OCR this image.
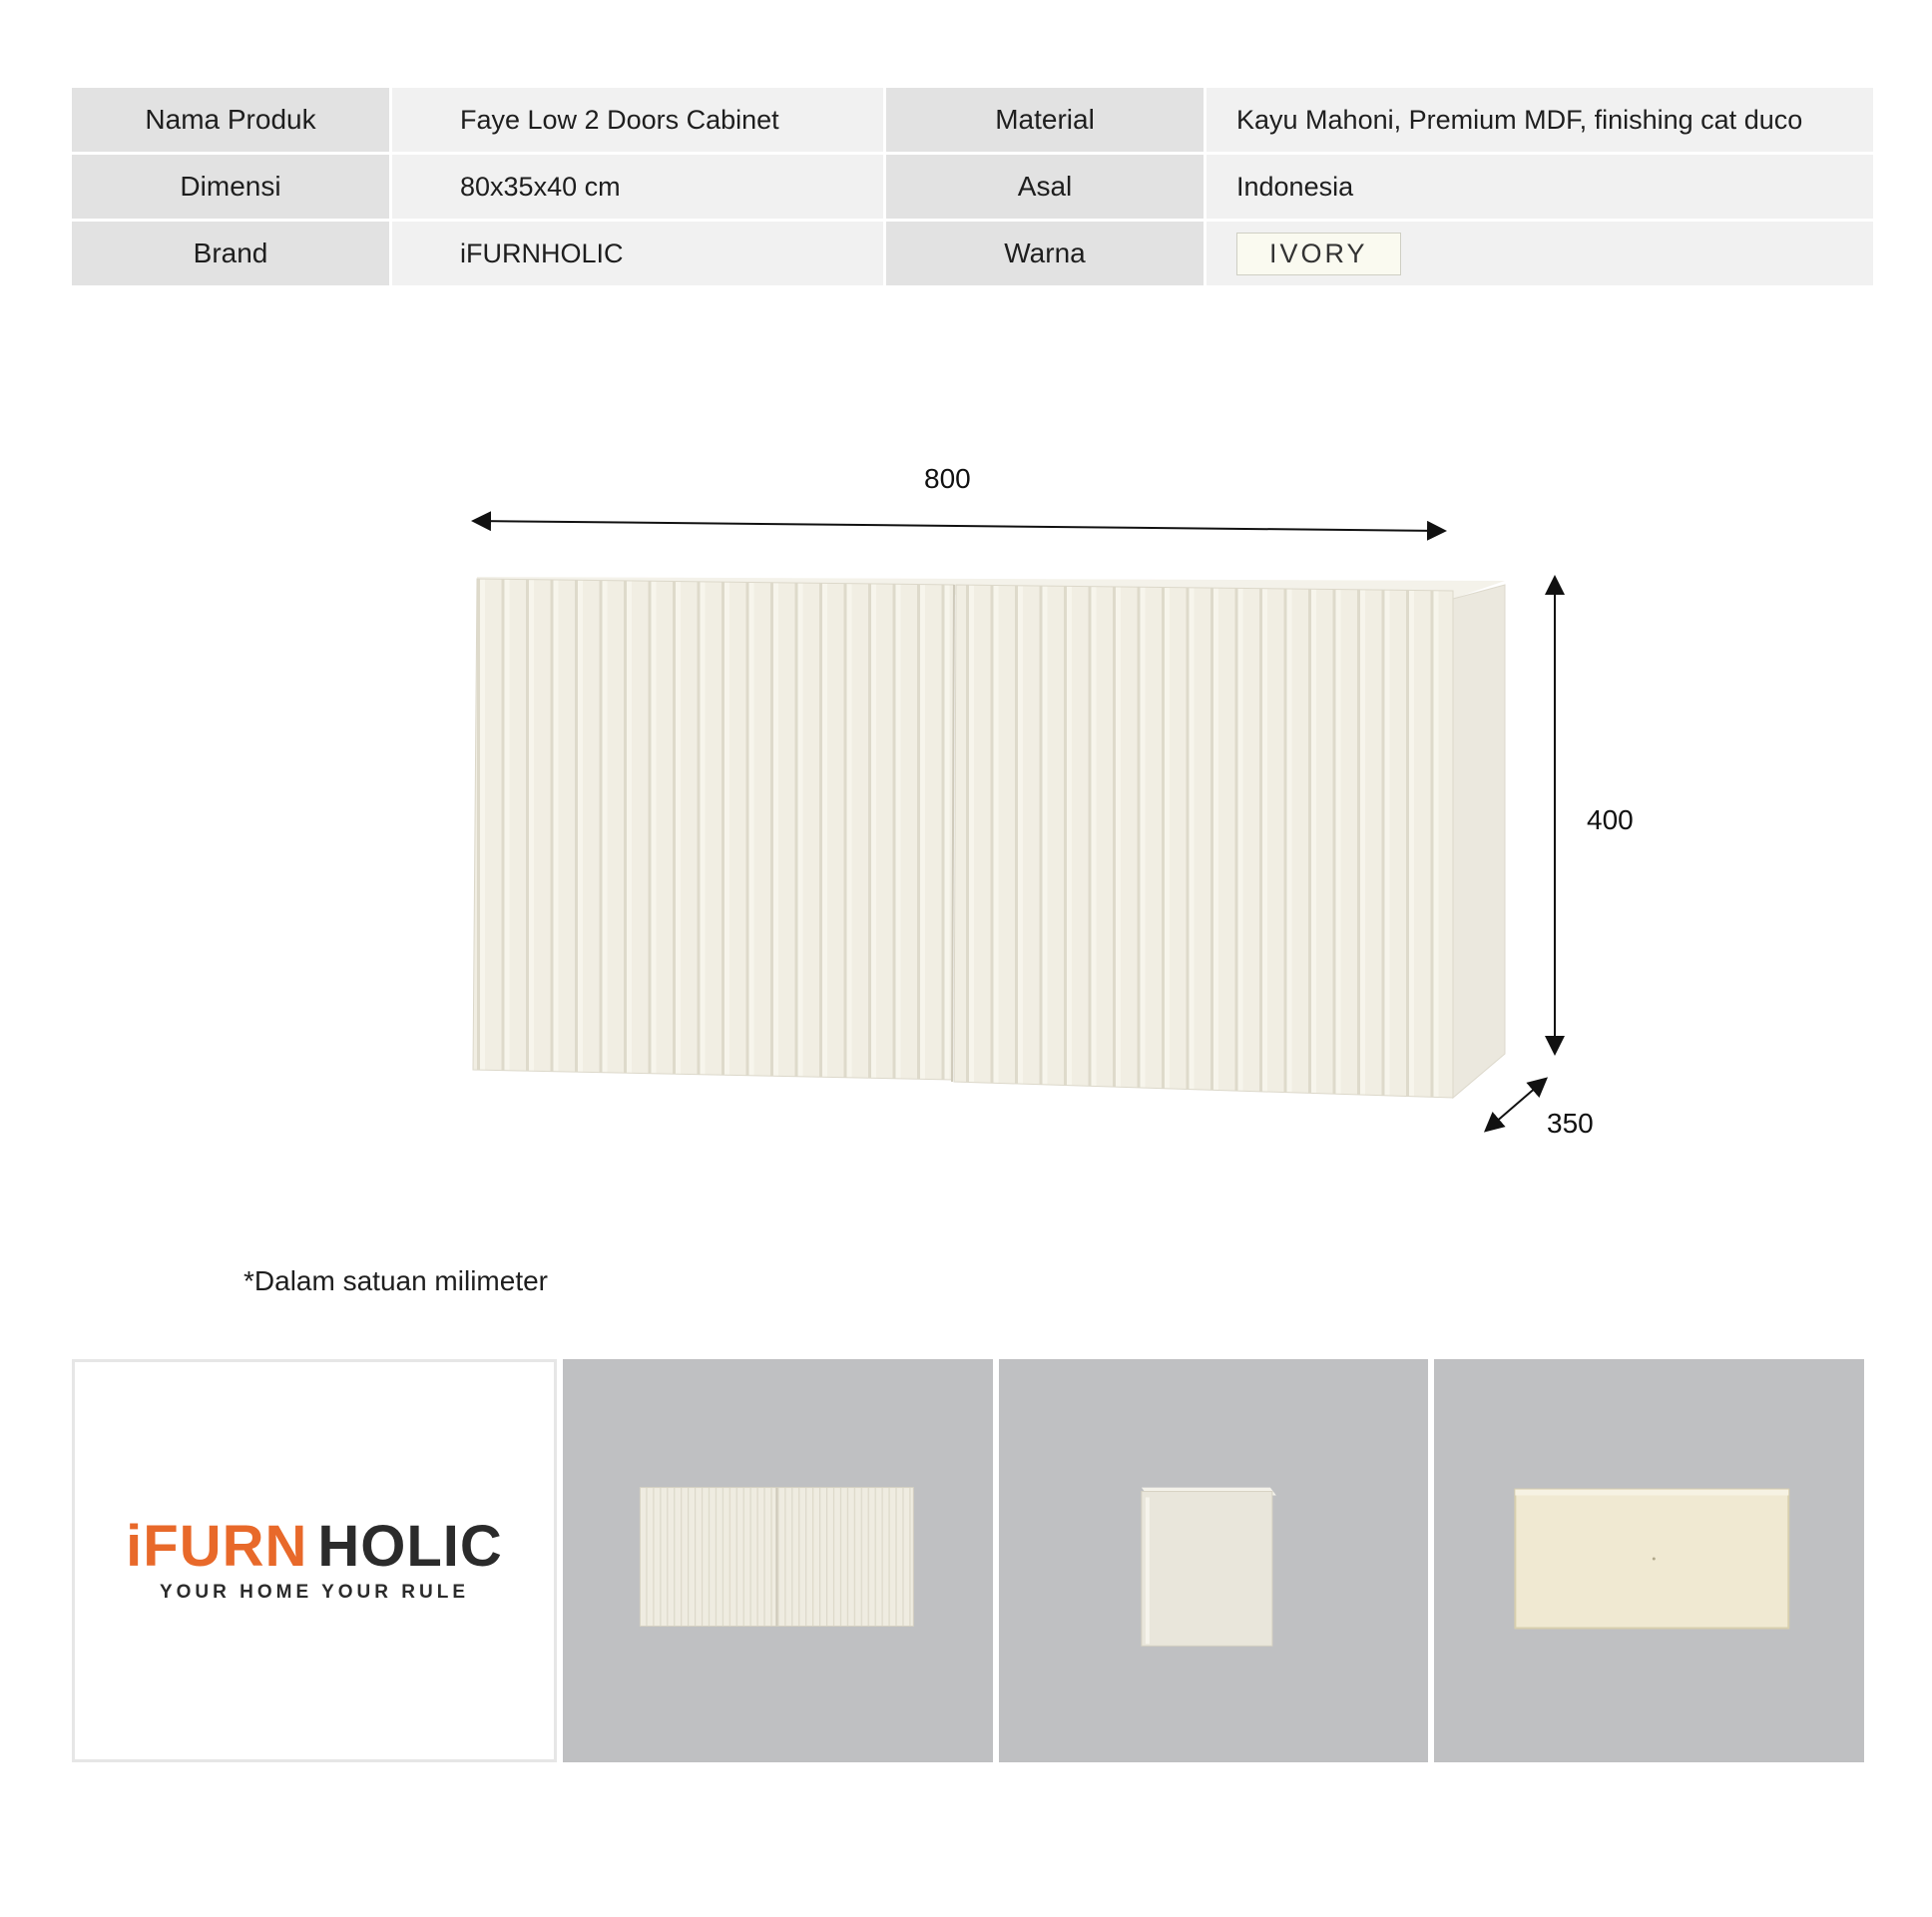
Nama Produk	Faye Low 2 Doors Cabinet	Material	Kayu Mahoni, Premium MDF, finishing cat duco
Dimensi	80x35x40 cm	Asal	Indonesia
Brand	iFURNHOLIC	Warna	IVORY
800
400
350
*Dalam satuan milimeter
iFURN HOLIC
YOUR HOME YOUR RULE
